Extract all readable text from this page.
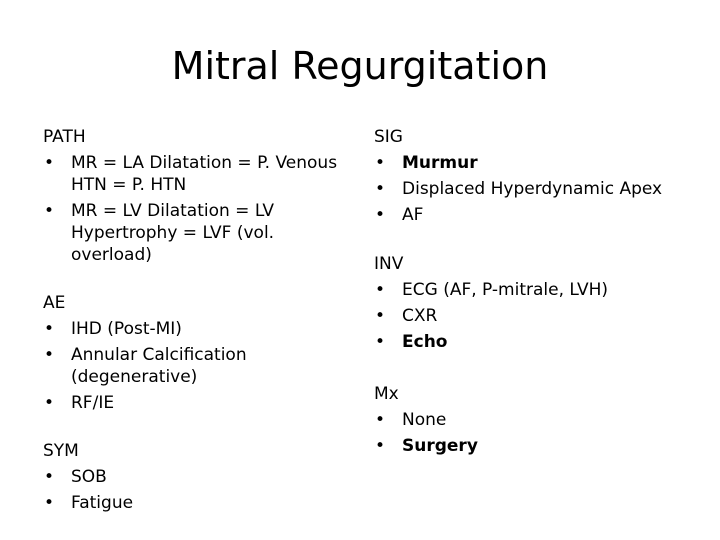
Mitral Regurgitation
PATH
• MR = LA Dilatation = P. Venous HTN = P. HTN
• MR = LV Dilatation = LV Hypertrophy = LVF (vol. overload)
AE
• IHD (Post-MI)
• Annular Calcification (degenerative)
• RF/IE
SYM
• SOB
• Fatigue
SIG
• Murmur
• Displaced Hyperdynamic Apex
• AF
INV
• ECG (AF, P-mitrale, LVH)
• CXR
• Echo
Mx
• None
• Surgery
